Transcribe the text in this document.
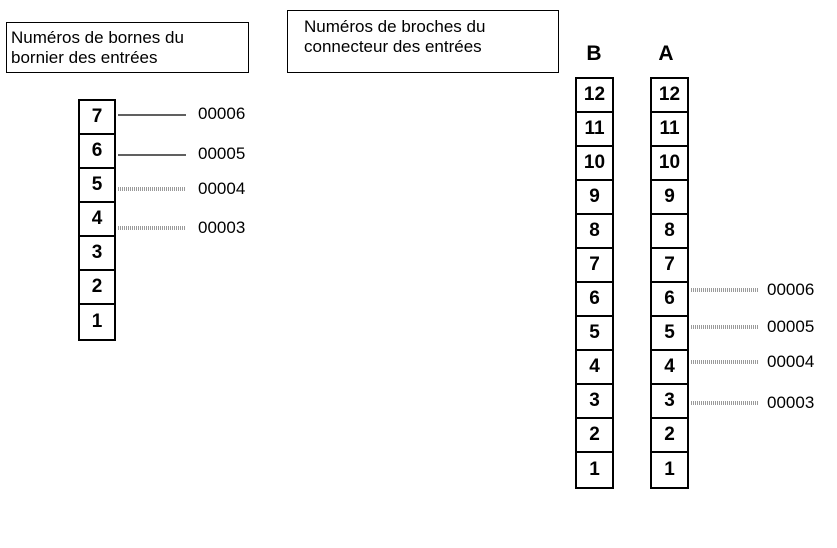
Numéros de bornes du
bornier des entrées
Numéros de broches du
connecteur des entrées	B	A
7
6
5
4
3
2
1
12
11
10
9
8
7
6
5
4
3
2
1
12
11
10
9
8
7
6
5
4
3
2
1
00006
00005
00004
00003
00006
00005
00004
00003
